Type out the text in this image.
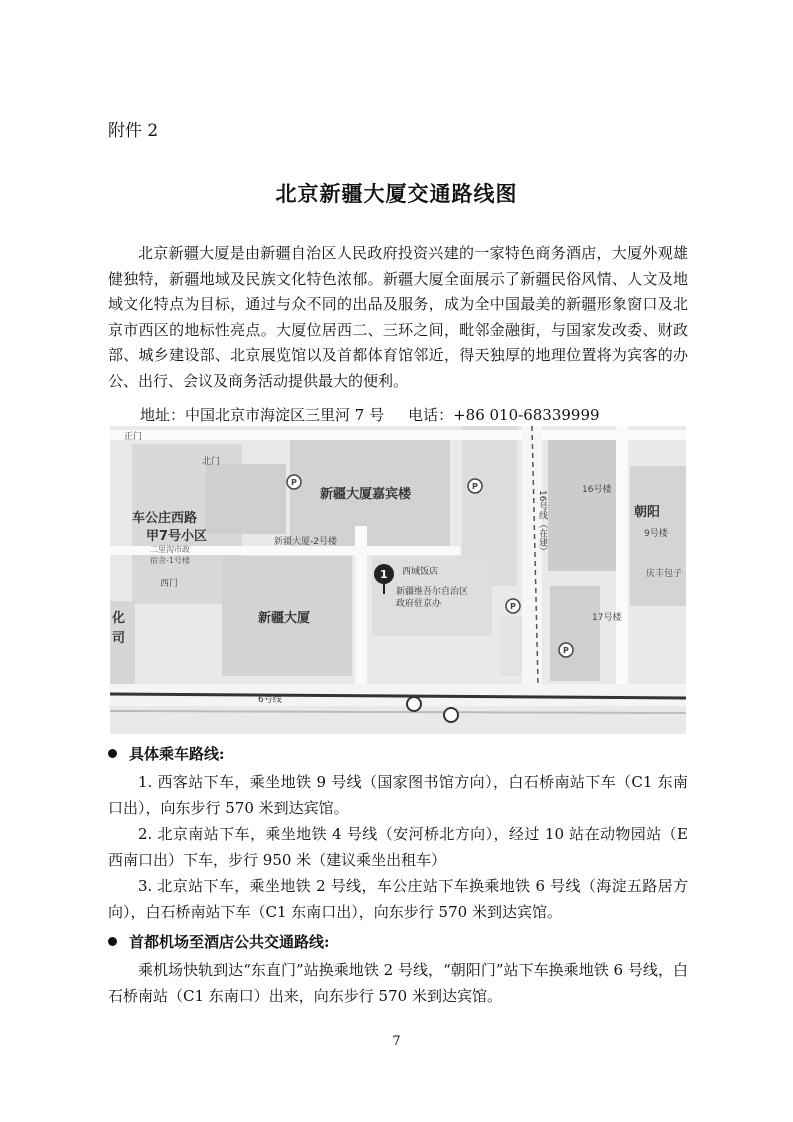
附件 2
北京新疆大厦交通路线图

北京新疆大厦是由新疆自治区人民政府投资兴建的一家特色商务酒店，大厦外观雄健独特，新疆地域及民族文化特色浓郁。新疆大厦全面展示了新疆民俗风情、人文及地域文化特点为目标，通过与众不同的出品及服务，成为全中国最美的新疆形象窗口及北京市西区的地标性亮点。大厦位居西二、三环之间，毗邻金融街，与国家发改委、财政部、城乡建设部、北京展览馆以及首都体育馆邻近，得天独厚的地理位置将为宾客的办公、出行、会议及商务活动提供最大的便利。

地址：中国北京市海淀区三里河 7 号 电话：+86 010-68339999
正门
北门
新疆大厦嘉宾楼
车公庄西路
甲7号小区	新疆大厦-2号楼
二里沟市政
宿舍-1号楼
西门
西域饭店
新疆维吾尔自治区
政府驻京办
新疆大厦
6号线
16号线（在建）	16号楼
朝阳
9号楼
庆丰包子
17号楼
化
司
1
P	P
P
P
具体乘车路线:

1. 西客站下车，乘坐地铁 9 号线（国家图书馆方向），白石桥南站下车（C1 东南口出），向东步行 570 米到达宾馆。

2. 北京南站下车，乘坐地铁 4 号线（安河桥北方向），经过 10 站在动物园站（E 西南口出）下车，步行 950 米（建议乘坐出租车）

3. 北京站下车，乘坐地铁 2 号线，车公庄站下车换乘地铁 6 号线（海淀五路居方向），白石桥南站下车（C1 东南口出），向东步行 570 米到达宾馆。

首都机场至酒店公共交通路线:

乘机场快轨到达“东直门”站换乘地铁 2 号线，“朝阳门”站下车换乘地铁 6 号线，白石桥南站（C1 东南口）出来，向东步行 570 米到达宾馆。

7
